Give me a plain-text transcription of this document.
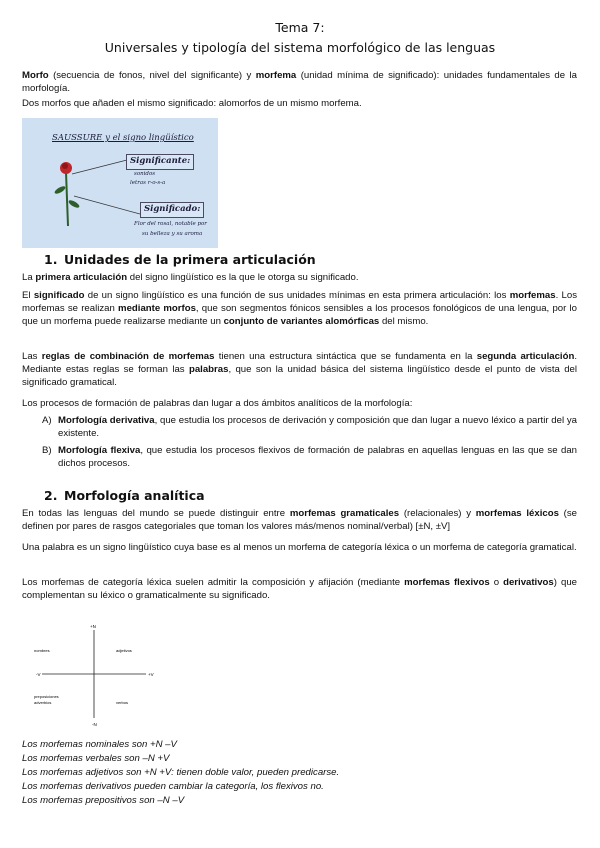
Tema 7:
Universales y tipología del sistema morfológico de las lenguas
Morfo (secuencia de fonos, nivel del significante) y morfema (unidad mínima de significado): unidades fundamentales de la morfología.
Dos morfos que añaden el mismo significado: alomorfos de un mismo morfema.
SAUSSURE y el signo lingüístico
Significante:
sonidos
letras r-o-s-a
Significado:
Flor del rosal, notable por
su belleza y su aroma
1. Unidades de la primera articulación
La primera articulación del signo lingüístico es la que le otorga su significado.
El significado de un signo lingüístico es una función de sus unidades mínimas en esta primera articulación: los morfemas. Los morfemas se realizan mediante morfos, que son segmentos fónicos sensibles a los procesos fonológicos de una lengua, por lo que un morfema puede realizarse mediante un conjunto de variantes alomórficas del mismo.
Las reglas de combinación de morfemas tienen una estructura sintáctica que se fundamenta en la segunda articulación. Mediante estas reglas se forman las palabras, que son la unidad básica del sistema lingüístico desde el punto de vista del significado gramatical.
Los procesos de formación de palabras dan lugar a dos ámbitos analíticos de la morfología:
A) Morfología derivativa, que estudia los procesos de derivación y composición que dan lugar a nuevo léxico a partir del ya existente.
B) Morfología flexiva, que estudia los procesos flexivos de formación de palabras en aquellas lenguas en las que se dan dichos procesos.
2. Morfología analítica
En todas las lenguas del mundo se puede distinguir entre morfemas gramaticales (relacionales) y morfemas léxicos (se definen por pares de rasgos categoriales que toman los valores más/menos nominal/verbal) [±N, ±V]
Una palabra es un signo lingüístico cuya base es al menos un morfema de categoría léxica o un morfema de categoría gramatical.
Los morfemas de categoría léxica suelen admitir la composición y afijación (mediante morfemas flexivos o derivativos) que complementan su léxico o gramaticalmente su significado.
+N
-N
-V	+V
nombres	adjetivos
preposiciones
adverbios	verbos
Los morfemas nominales son +N –V
Los morfemas verbales son –N +V
Los morfemas adjetivos son +N +V: tienen doble valor, pueden predicarse.
Los morfemas derivativos pueden cambiar la categoría, los flexivos no.
Los morfemas prepositivos son –N –V
